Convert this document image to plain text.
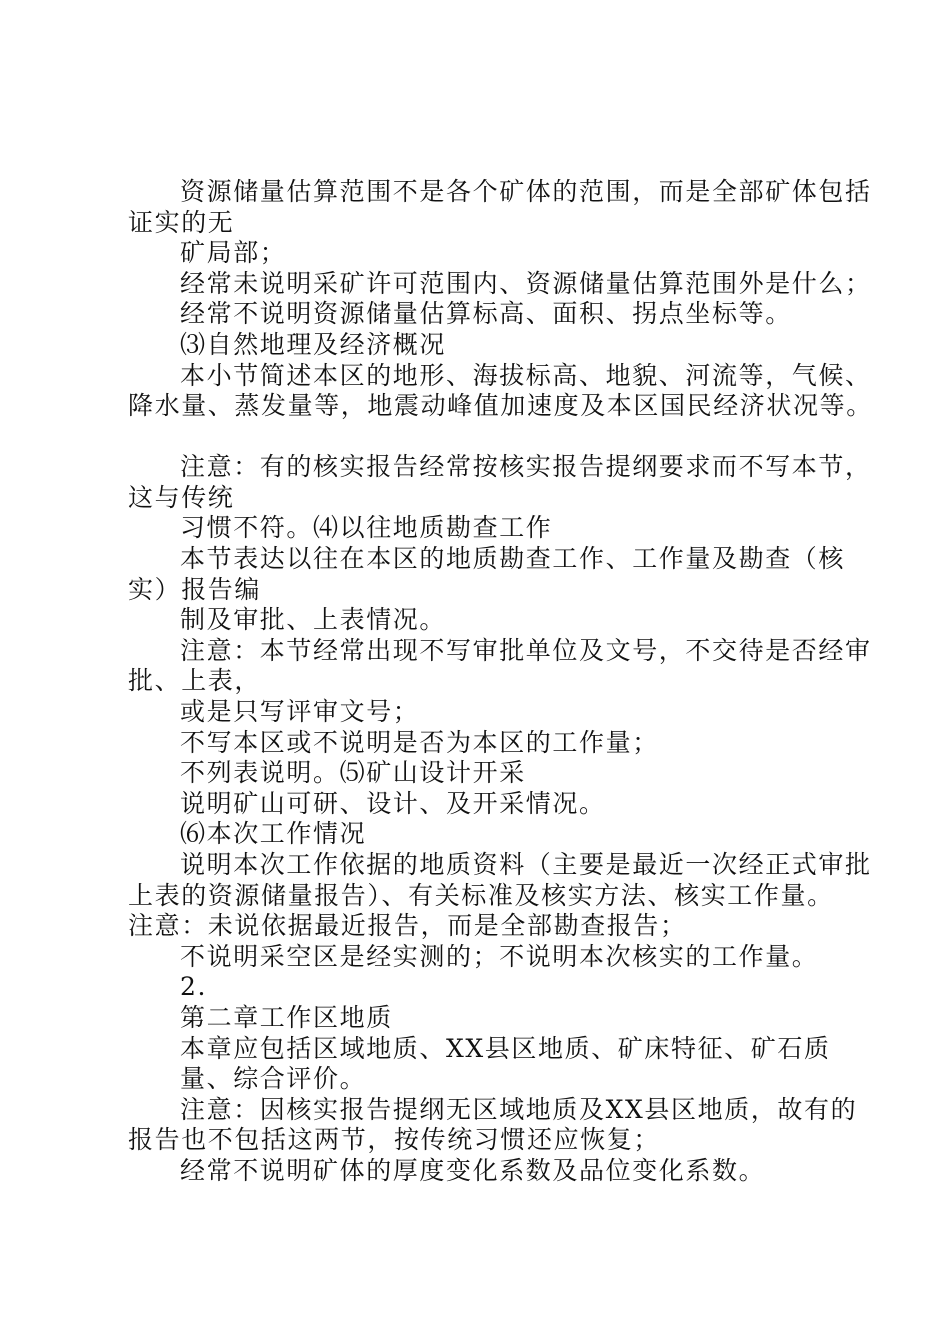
资源储量估算范围不是各个矿体的范围，而是全部矿体包括
证实的无
矿局部；
经常未说明采矿许可范围内、资源储量估算范围外是什么；
经常不说明资源储量估算标高、面积、拐点坐标等。
⑶自然地理及经济概况
本小节简述本区的地形、海拔标高、地貌、河流等，气候、
降水量、蒸发量等，地震动峰值加速度及本区国民经济状况等。
注意：有的核实报告经常按核实报告提纲要求而不写本节，
这与传统
习惯不符。⑷以往地质勘查工作
本节表达以往在本区的地质勘查工作、工作量及勘查（核
实）报告编
制及审批、上表情况。
注意：本节经常出现不写审批单位及文号，不交待是否经审
批、上表，
或是只写评审文号；
不写本区或不说明是否为本区的工作量；
不列表说明。⑸矿山设计开采
说明矿山可研、设计、及开采情况。
⑹本次工作情况
说明本次工作依据的地质资料（主要是最近一次经正式审批
上表的资源储量报告）、有关标准及核实方法、核实工作量。
注意：未说依据最近报告，而是全部勘查报告；
不说明采空区是经实测的；不说明本次核实的工作量。
2.
第二章工作区地质
本章应包括区域地质、XX县区地质、矿床特征、矿石质
量、综合评价。
注意：因核实报告提纲无区域地质及XX县区地质，故有的
报告也不包括这两节，按传统习惯还应恢复；
经常不说明矿体的厚度变化系数及品位变化系数。
